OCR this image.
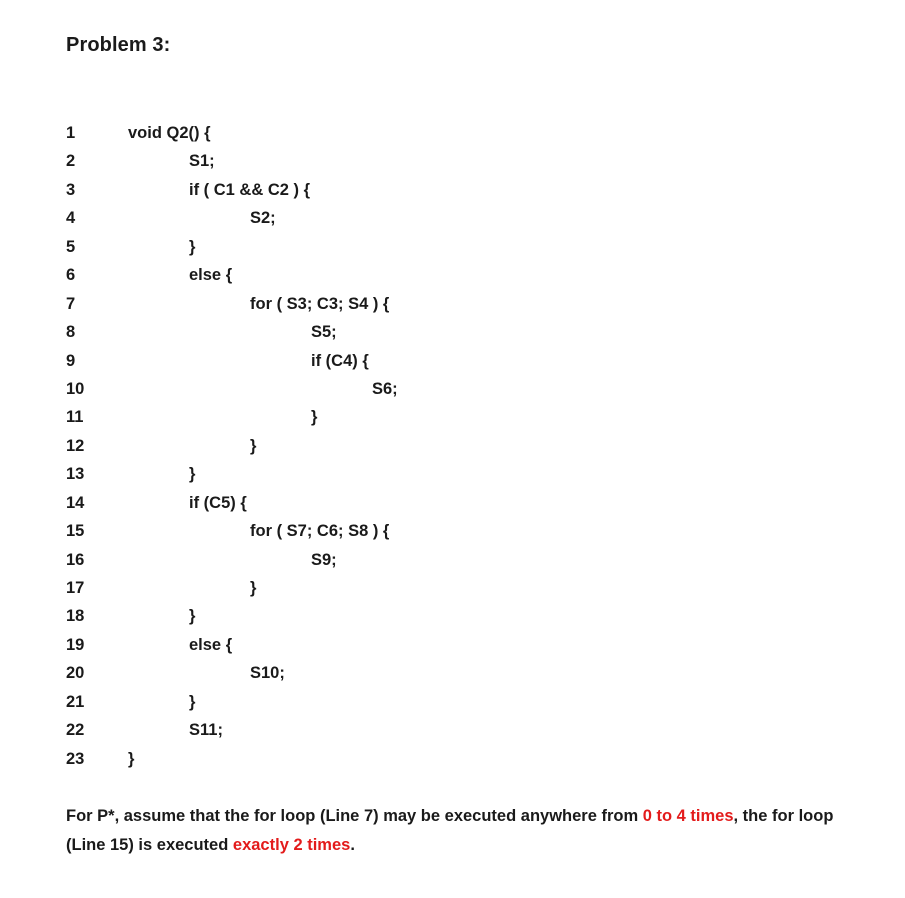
Problem 3:
1	void Q2() {
2	S1;
3	if ( C1 && C2 ) {
4	S2;
5	}
6	else {
7	for ( S3; C3; S4 ) {
8	S5;
9	if (C4) {
10	S6;
11	}
12	}
13	}
14	if (C5) {
15	for ( S7; C6; S8 ) {
16	S9;
17	}
18	}
19	else {
20	S10;
21	}
22	S11;
23	}
For P*, assume that the for loop (Line 7) may be executed anywhere from 0 to 4 times, the for loop (Line 15) is executed exactly 2 times.
